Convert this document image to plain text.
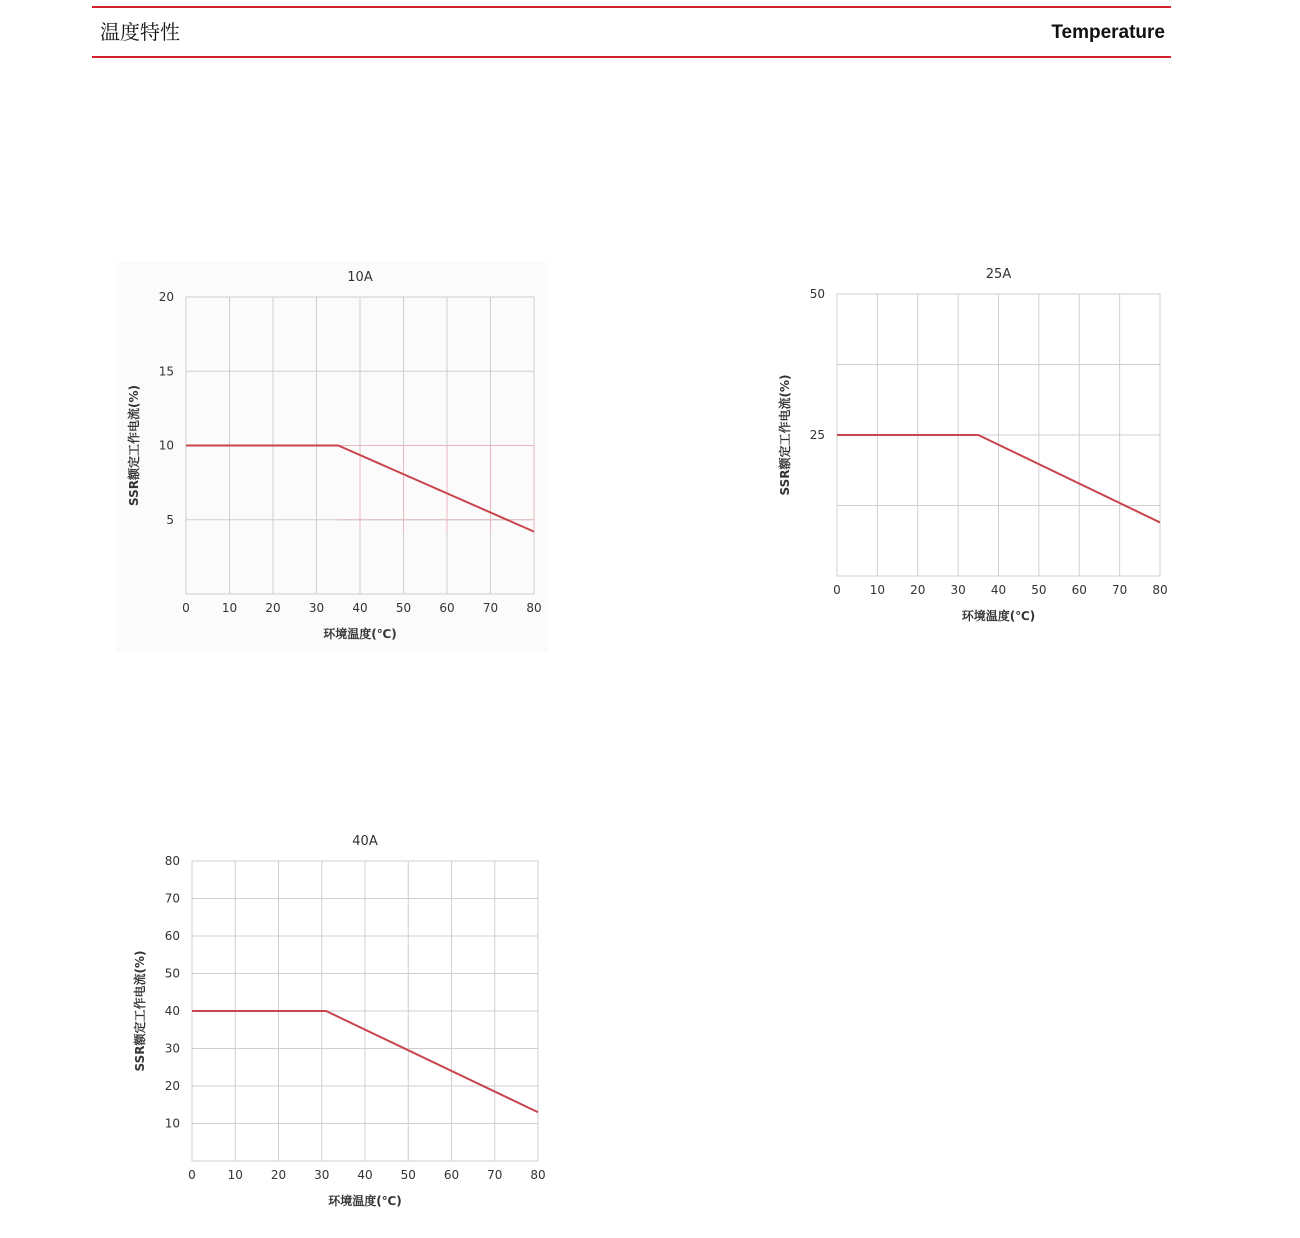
温度特性	Temperature
0	10 20 30 40 50 60 70 80
5
10
15
20
10A
环境温度(℃)
SSR额定工作电流(%)
0 10 20 30 40 50 60 70 80
25
50
25A
环境温度(℃)
SSR额定工作电流(%)
0	10 20 30 40 50 60 70 80
10
20
30
40
50
60
70
80
40A
环境温度(℃)
SSR额定工作电流(%)
